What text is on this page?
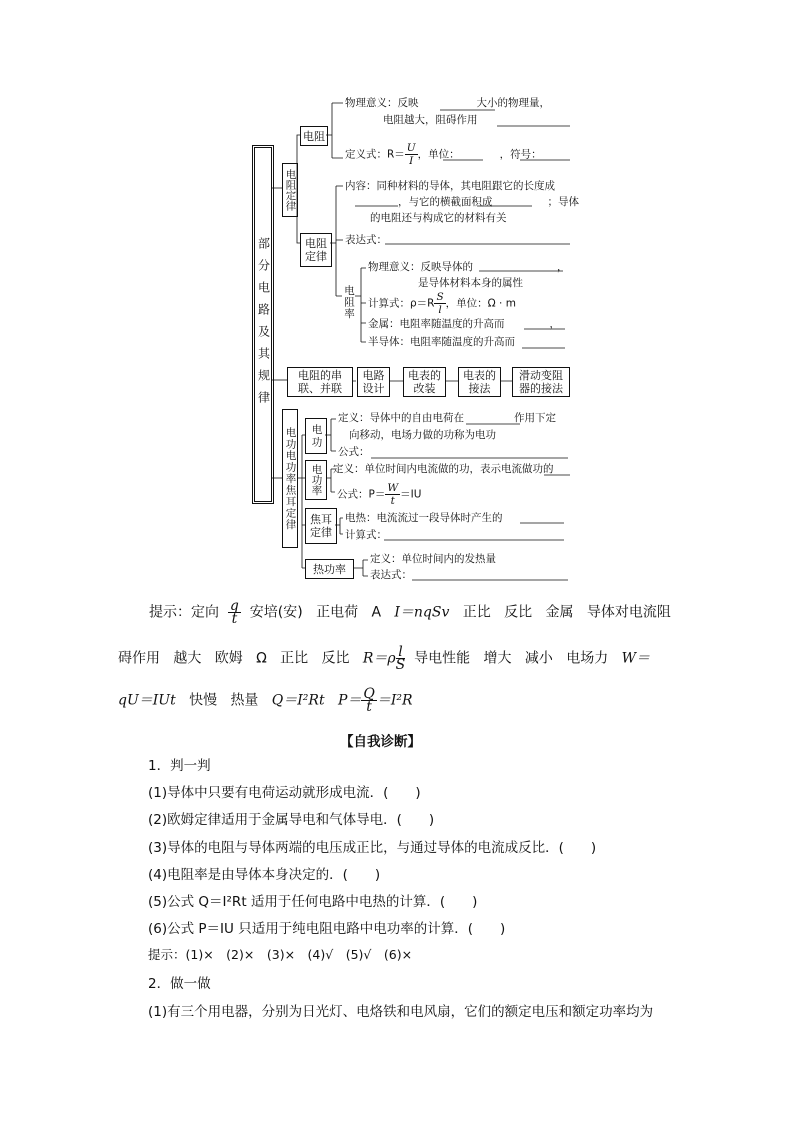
部分电路及其规律
电阻定律
电阻
物理意义：反映	大小的物理量，
电阻越大，阻碍作用
定义式：$R= \frac{U}{I}$ ，单位：	，符号：
电阻定律
内容：同种材料的导体，其电阻跟它的长度成
，与它的横截面积成	；导体
的电阻还与构成它的材料有关
表达式：
电阻率
物理意义：反映导体的	，
是导体材料本身的属性
计算式：$\rho=R \frac{S}{l}$ ，单位：Ω · m
金属：电阻率随温度的升高而	，
半导体：电阻率随温度的升高而
电阻的串联、并联
电路设计
电表的改装
电表的接法
滑动变阻器的接法
电功电功率焦耳定律 电功
定义：导体中的自由电荷在	作用下定
向移动，电场力做的功称为电功
公式：
电功率 定义：单位时间内电流做的功，表示电流做功的
公式：$P= \frac{W}{t} =IU$
焦耳定律
电热：电流流过一段导体时产生的
计算式：
热功率
定义：单位时间内的发热量
表达式：
提示：定向 $\frac{q}{t}$ 安培(安) 正电荷 A I＝nqSv 正比 反比 金属 导体对电流阻
碍作用 越大 欧姆 Ω 正比 反比 $R=\rho \frac{l}{S}$ 导电性能 增大 减小 电场力 W＝
qU＝IUt 快慢 热量 Q＝I²Rt $P= \frac{Q}{t} =I^2R$
【自我诊断】
1．判一判
(1)导体中只要有电荷运动就形成电流．(　　)
(2)欧姆定律适用于金属导电和气体导电．(　　)
(3)导体的电阻与导体两端的电压成正比，与通过导体的电流成反比．(　　)
(4)电阻率是由导体本身决定的．(　　)
(5)公式 Q＝I²Rt 适用于任何电路中电热的计算．(　　)
(6)公式 P＝IU 只适用于纯电阻电路中电功率的计算．(　　)
提示：(1)×　(2)×　(3)×　(4)√　(5)√　(6)×
2．做一做
(1)有三个用电器，分别为日光灯、电烙铁和电风扇，它们的额定电压和额定功率均为
